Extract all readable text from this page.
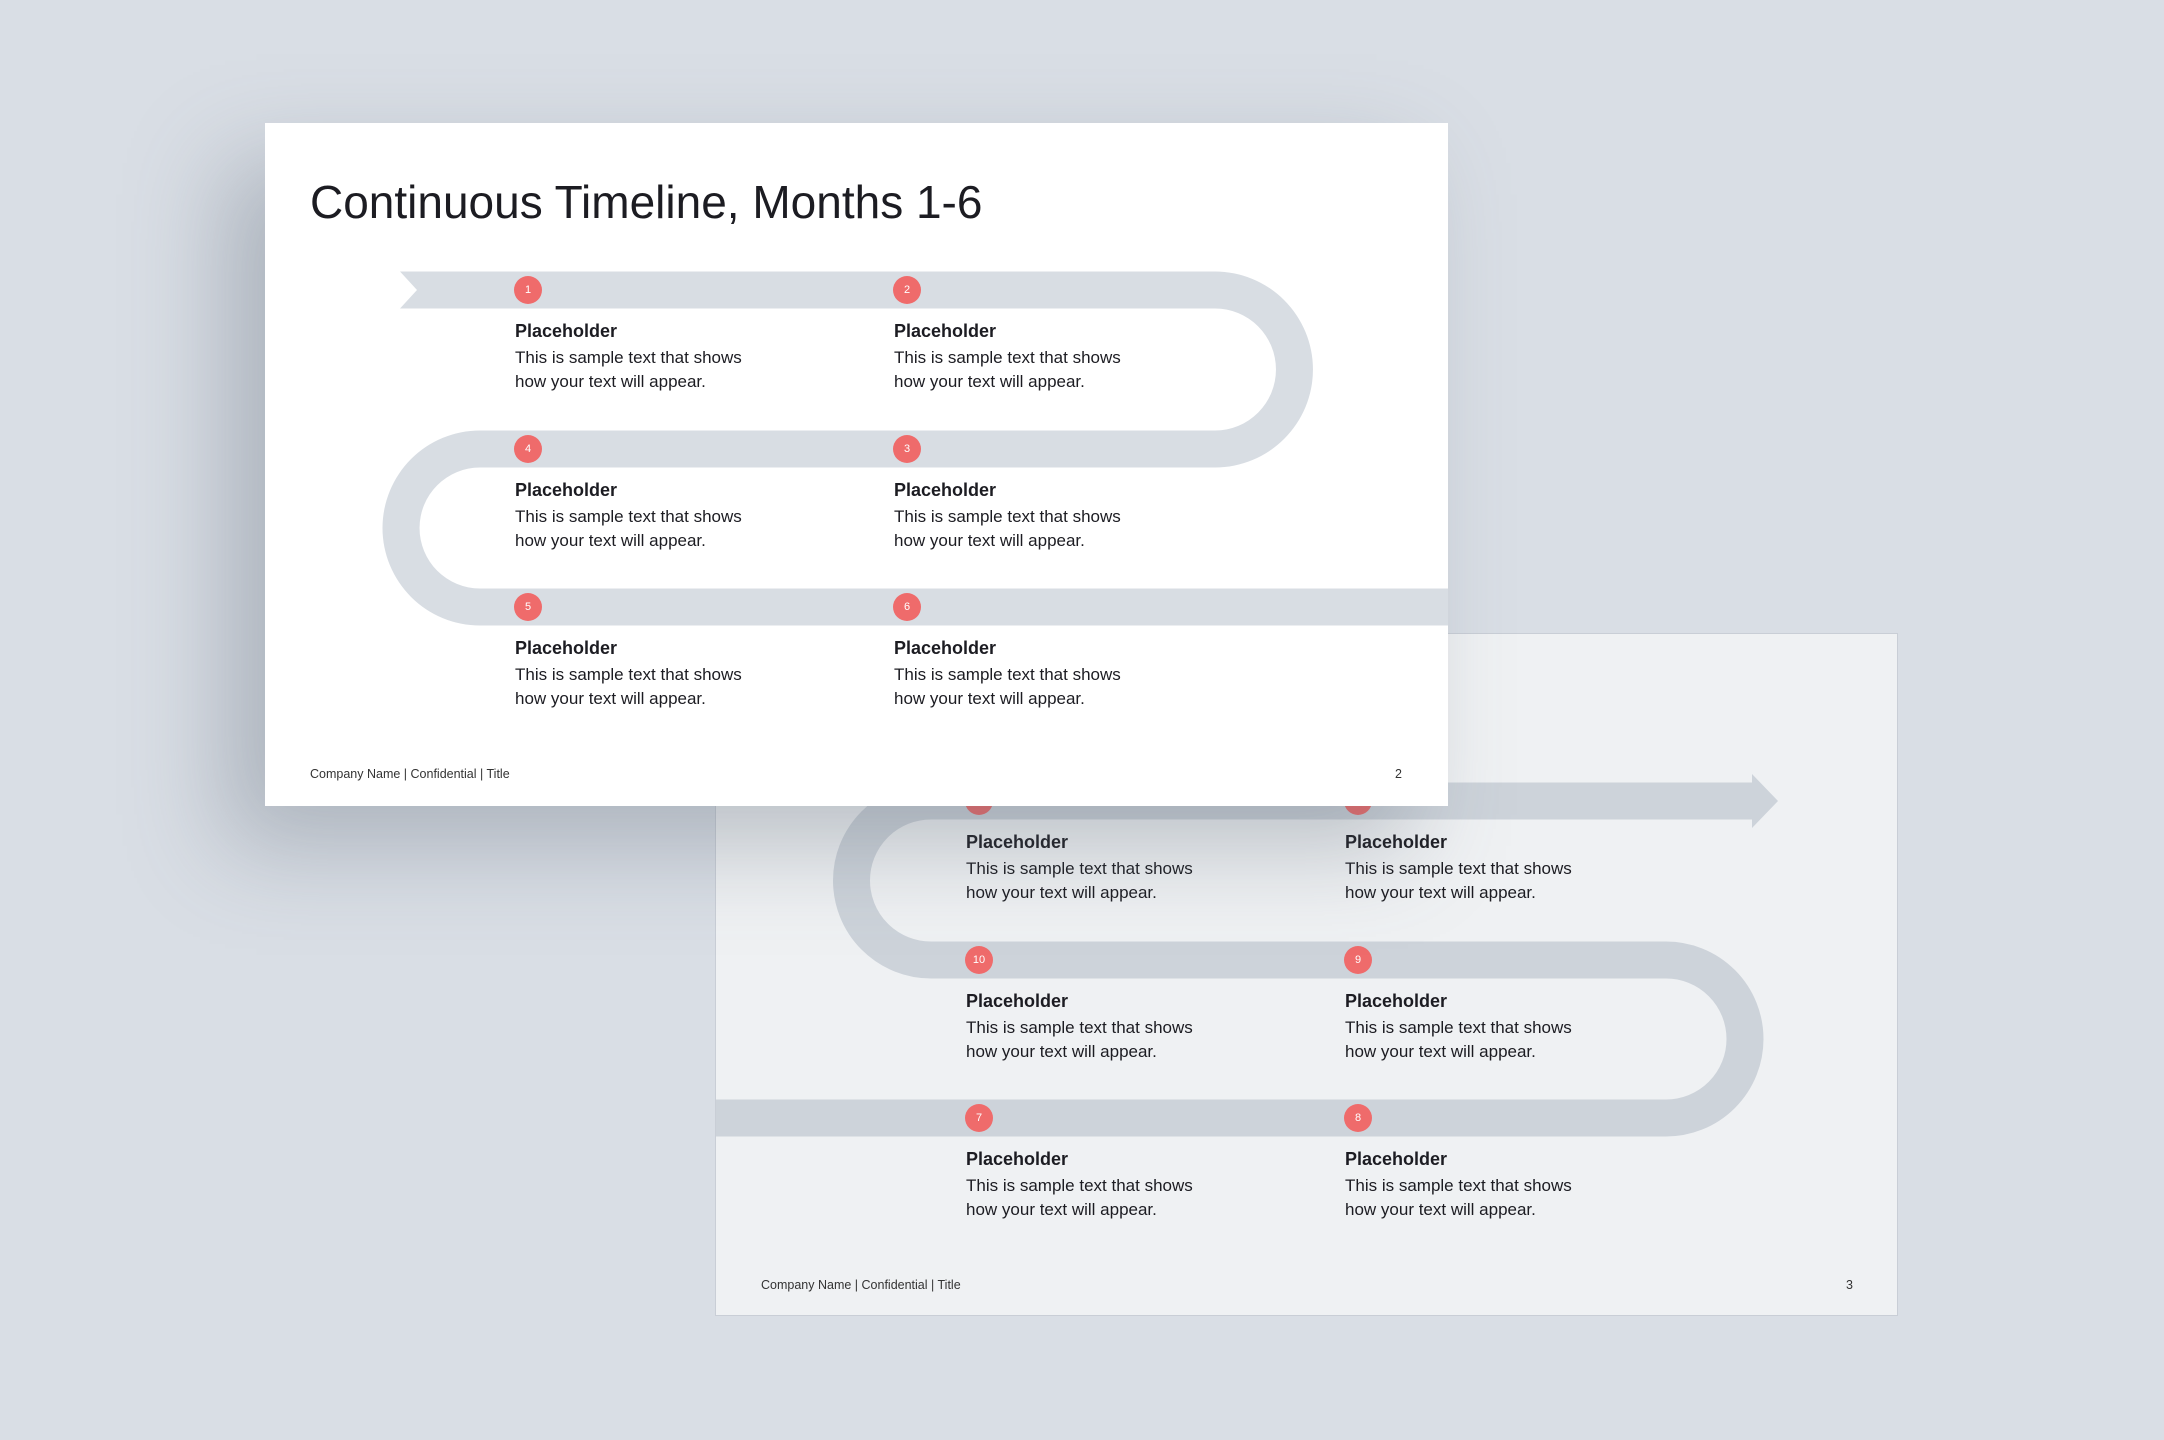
Placeholder
This is sample text that shows
how your text will appear.
Placeholder
This is sample text that shows
how your text will appear.
10
Placeholder
This is sample text that shows
how your text will appear.
9
Placeholder
This is sample text that shows
how your text will appear.
7
Placeholder
This is sample text that shows
how your text will appear.
8
Placeholder
This is sample text that shows
how your text will appear.
Company Name | Confidential | Title	3
Continuous Timeline, Months 1-6
1
Placeholder
This is sample text that shows
how your text will appear.
2
Placeholder
This is sample text that shows
how your text will appear.
3
Placeholder
This is sample text that shows
how your text will appear.
4
Placeholder
This is sample text that shows
how your text will appear.
5
Placeholder
This is sample text that shows
how your text will appear.
6
Placeholder
This is sample text that shows
how your text will appear.
Company Name | Confidential | Title	2
